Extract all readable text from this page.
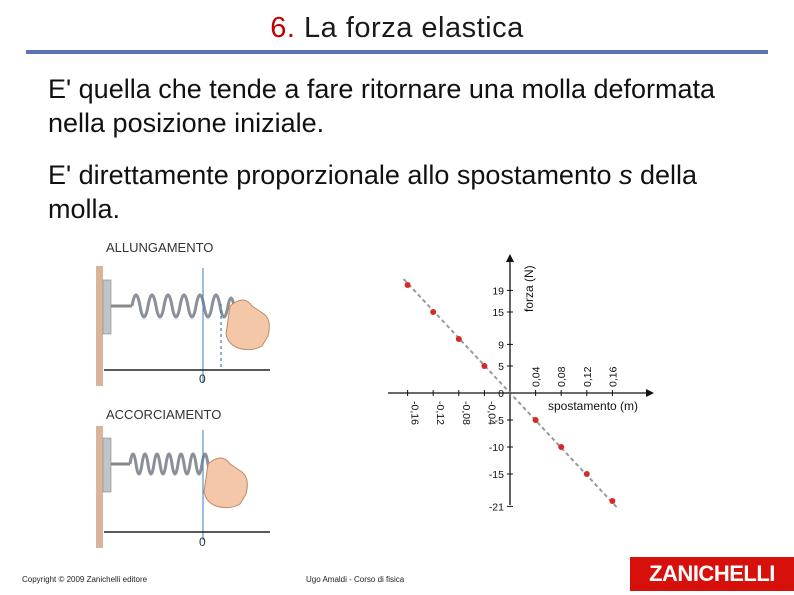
6. La forza elastica
E' quella che tende a fare ritornare una molla deformata nella posizione iniziale.
E' direttamente proporzionale allo spostamento s della molla.
ALLUNGAMENTO
ACCORCIAMENTO
0
0
-0,16 -0,12 -0,08 -0,04
0,04 0,08 0,12 0,16
19
15
9
5
0
-5
-10
-15
-21
spostamento (m)
forza (N)
Copyright © 2009 Zanichelli editore	Ugo Amaldi - Corso di fisica	ZANICHELLI
